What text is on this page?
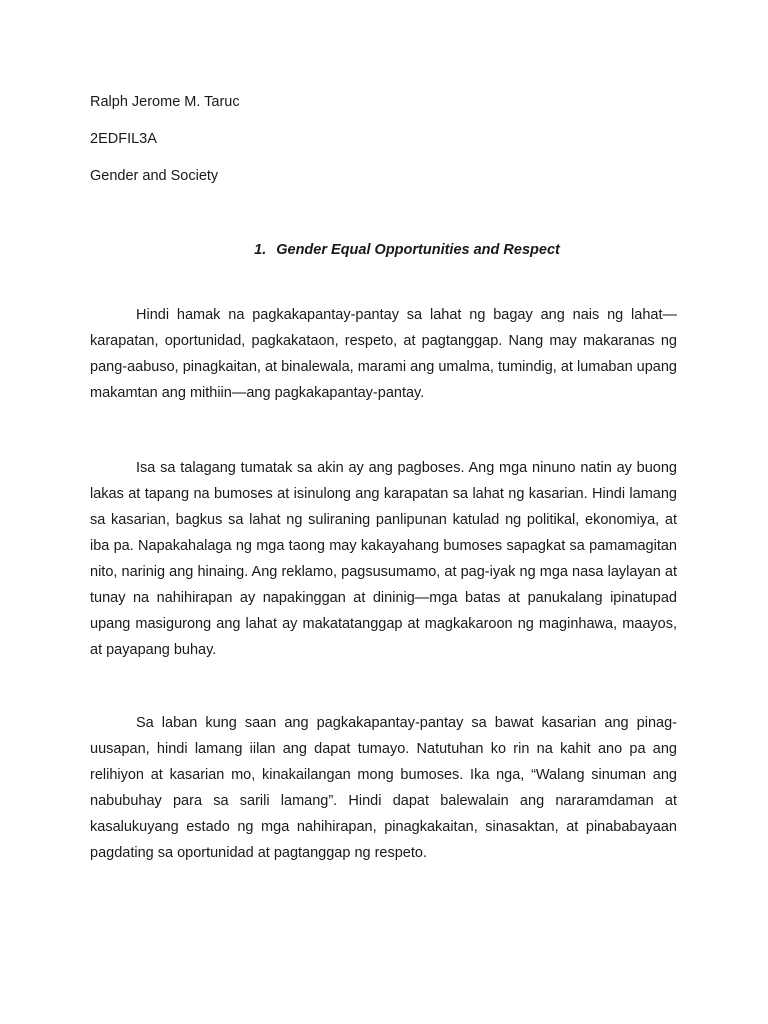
Ralph Jerome M. Taruc
2EDFIL3A
Gender and Society
1. Gender Equal Opportunities and Respect

Hindi hamak na pagkakapantay-pantay sa lahat ng bagay ang nais ng lahat—karapatan, oportunidad, pagkakataon, respeto, at pagtanggap. Nang may makaranas ng pang-aabuso, pinagkaitan, at binalewala, marami ang umalma, tumindig, at lumaban upang makamtan ang mithiin—ang pagkakapantay-pantay.

Isa sa talagang tumatak sa akin ay ang pagboses. Ang mga ninuno natin ay buong lakas at tapang na bumoses at isinulong ang karapatan sa lahat ng kasarian. Hindi lamang sa kasarian, bagkus sa lahat ng suliraning panlipunan katulad ng politikal, ekonomiya, at iba pa. Napakahalaga ng mga taong may kakayahang bumoses sapagkat sa pamamagitan nito, narinig ang hinaing. Ang reklamo, pagsusumamo, at pag-iyak ng mga nasa laylayan at tunay na nahihirapan ay napakinggan at dininig—mga batas at panukalang ipinatupad upang masigurong ang lahat ay makatatanggap at magkakaroon ng maginhawa, maayos, at payapang buhay.

Sa laban kung saan ang pagkakapantay-pantay sa bawat kasarian ang pinag-uusapan, hindi lamang iilan ang dapat tumayo. Natutuhan ko rin na kahit ano pa ang relihiyon at kasarian mo, kinakailangan mong bumoses. Ika nga, “Walang sinuman ang nabubuhay para sa sarili lamang”. Hindi dapat balewalain ang nararamdaman at kasalukuyang estado ng mga nahihirapan, pinagkakaitan, sinasaktan, at pinababayaan pagdating sa oportunidad at pagtanggap ng respeto.
